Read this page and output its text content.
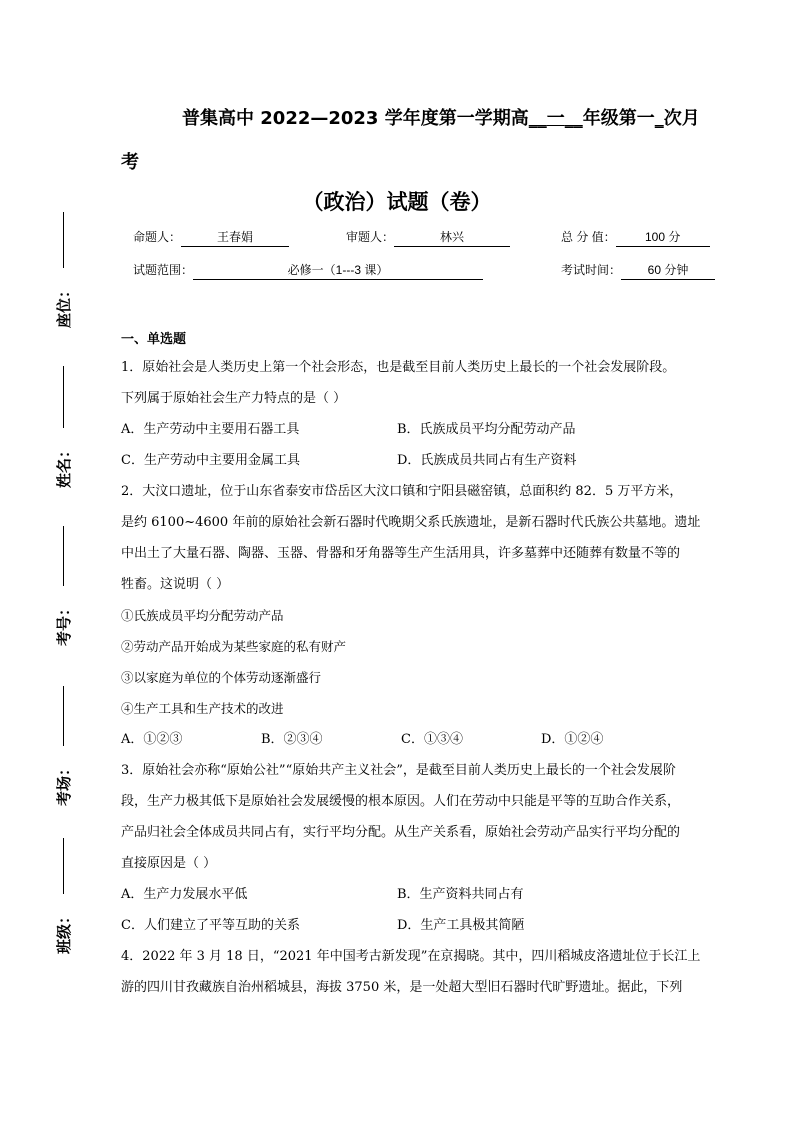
座位：
姓名：
考号：
考场：
班级：
普集高中 2022—2023 学年度第一学期高__一__年级第一_次月
考
（政治）试题（卷）
命题人：	王春娟	审题人：	林兴	总 分 值： 100 分
试题范围：	必修一（1---3 课）	考试时间： 60 分钟
一、单选题
1．原始社会是人类历史上第一个社会形态，也是截至目前人类历史上最长的一个社会发展阶段。
下列属于原始社会生产力特点的是（ ）
A．生产劳动中主要用石器工具	B．氏族成员平均分配劳动产品
C．生产劳动中主要用金属工具	D．氏族成员共同占有生产资料
2．大汶口遗址，位于山东省泰安市岱岳区大汶口镇和宁阳县磁窑镇，总面积约 82．5 万平方米，
是约 6100~4600 年前的原始社会新石器时代晚期父系氏族遗址，是新石器时代氏族公共墓地。遗址
中出土了大量石器、陶器、玉器、骨器和牙角器等生产生活用具，许多墓葬中还随葬有数量不等的
牲畜。这说明（ ）
①氏族成员平均分配劳动产品
②劳动产品开始成为某些家庭的私有财产
③以家庭为单位的个体劳动逐渐盛行
④生产工具和生产技术的改进
A．①②③	B．②③④	C．①③④	D．①②④
3．原始社会亦称“原始公社”“原始共产主义社会”，是截至目前人类历史上最长的一个社会发展阶
段，生产力极其低下是原始社会发展缓慢的根本原因。人们在劳动中只能是平等的互助合作关系，
产品归社会全体成员共同占有，实行平均分配。从生产关系看，原始社会劳动产品实行平均分配的
直接原因是（ ）
A．生产力发展水平低	B．生产资料共同占有
C．人们建立了平等互助的关系	D．生产工具极其简陋
4．2022 年 3 月 18 日，“2021 年中国考古新发现”在京揭晓。其中，四川稻城皮洛遗址位于长江上
游的四川甘孜藏族自治州稻城县，海拔 3750 米，是一处超大型旧石器时代旷野遗址。据此，下列
